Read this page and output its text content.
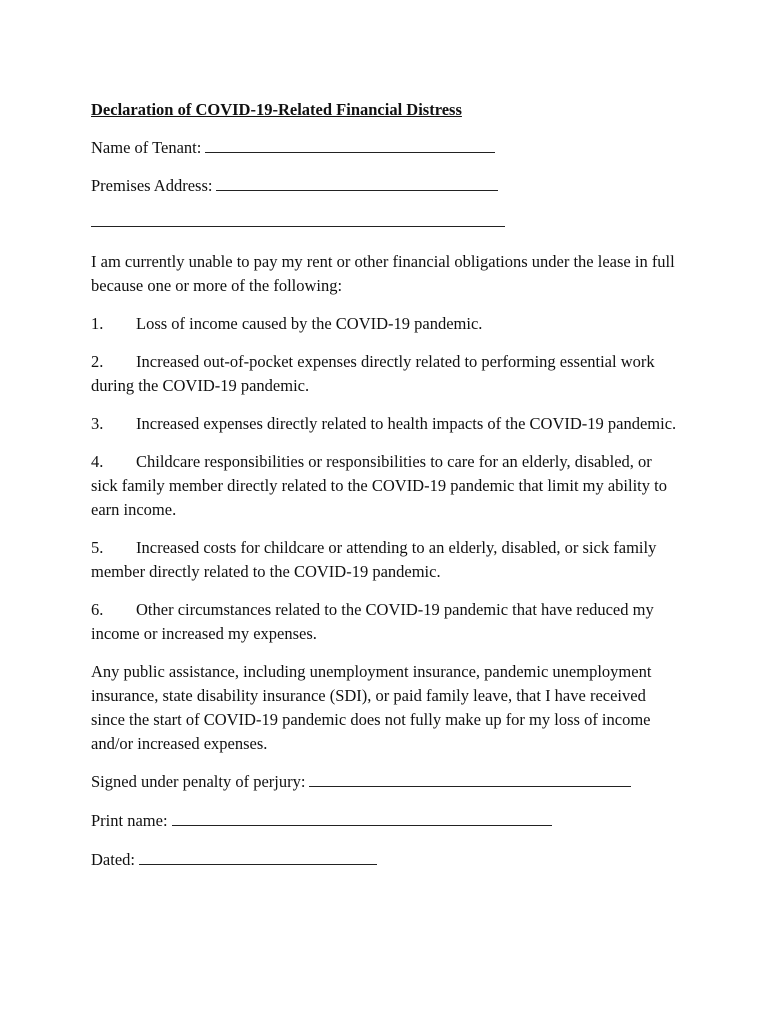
Declaration of COVID-19-Related Financial Distress
Name of Tenant:
Premises Address:

I am currently unable to pay my rent or other financial obligations under the lease in full because one or more of the following:

1. Loss of income caused by the COVID-19 pandemic.

2. Increased out-of-pocket expenses directly related to performing essential work during the COVID-19 pandemic.

3. Increased expenses directly related to health impacts of the COVID-19 pandemic.

4. Childcare responsibilities or responsibilities to care for an elderly, disabled, or sick family member directly related to the COVID-19 pandemic that limit my ability to earn income.

5. Increased costs for childcare or attending to an elderly, disabled, or sick family member directly related to the COVID-19 pandemic.

6. Other circumstances related to the COVID-19 pandemic that have reduced my income or increased my expenses.

Any public assistance, including unemployment insurance, pandemic unemployment insurance, state disability insurance (SDI), or paid family leave, that I have received since the start of COVID-19 pandemic does not fully make up for my loss of income and/or increased expenses.

Signed under penalty of perjury:
Print name:
Dated:
